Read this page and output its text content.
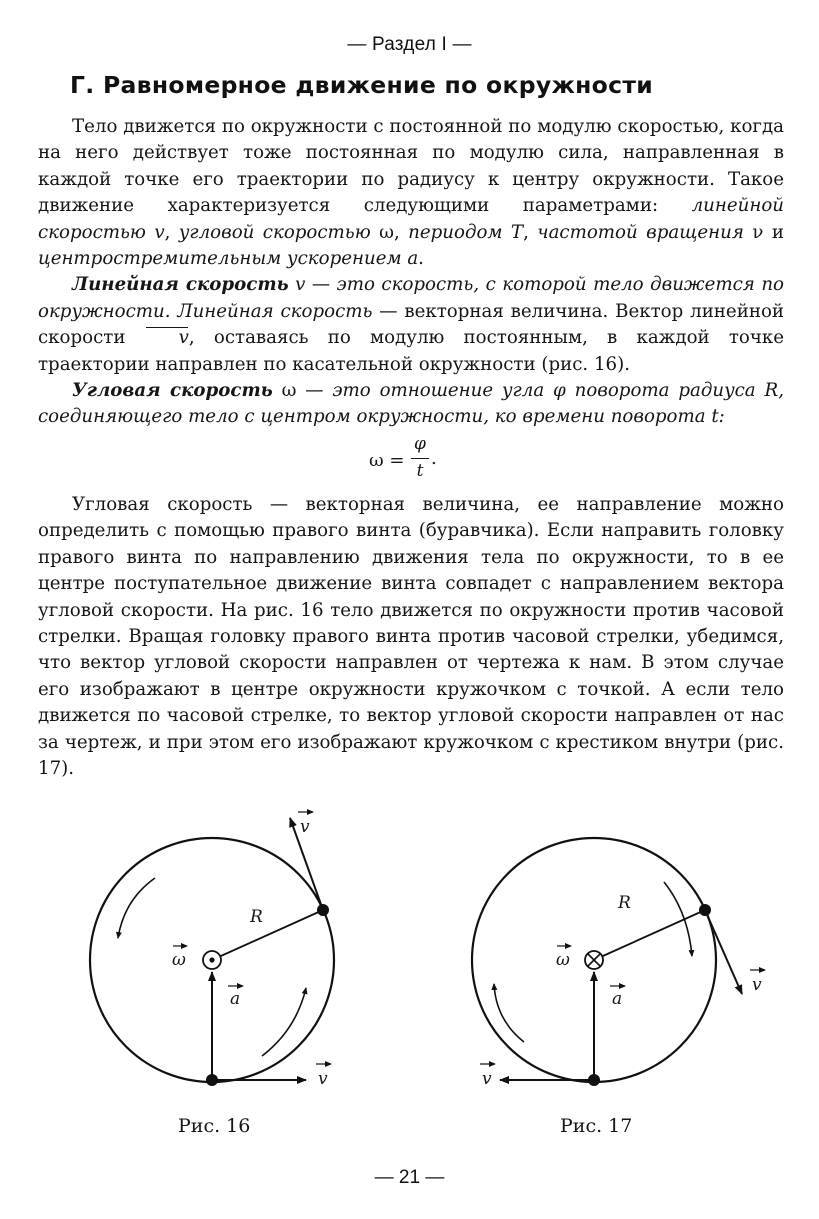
— Раздел I —
Г. Равномерное движение по окружности

Тело движется по окружности с постоянной по модулю скоростью, когда на него действует тоже постоянная по модулю сила, направленная в каждой точке его траектории по радиусу к центру окружности. Такое движение характеризуется следующими параметрами: линейной скоростью v, угловой скоростью ω, периодом T, частотой вращения ν и центростремительным ускорением a.

Линейная скорость v — это скорость, с которой тело движется по окружности. Линейная скорость — векторная величина. Вектор линейной скорости v, оставаясь по модулю постоянным, в каждой точке траектории направлен по касательной окружности (рис. 16).

Угловая скорость ω — это отношение угла φ поворота радиуса R, соединяющего тело с центром окружности, ко времени поворота t:

ω =
φ
t
.

Угловая скорость — векторная величина, ее направление можно определить с помощью правого винта (буравчика). Если направить головку правого винта по направлению движения тела по окружности, то в ее центре поступательное движение винта совпадет с направлением вектора угловой скорости. На рис. 16 тело движется по окружности против часовой стрелки. Вращая головку правого винта против часовой стрелки, убедимся, что вектор угловой скорости направлен от чертежа к нам. В этом случае его изображают в центре окружности кружочком с точкой. А если тело движется по часовой стрелке, то вектор угловой скорости направлен от нас за чертеж, и при этом его изображают кружочком с крестиком внутри (рис. 17).

R
ω
a
v
v
Рис. 16
R
ω
a
v
v
Рис. 17
— 21 —
